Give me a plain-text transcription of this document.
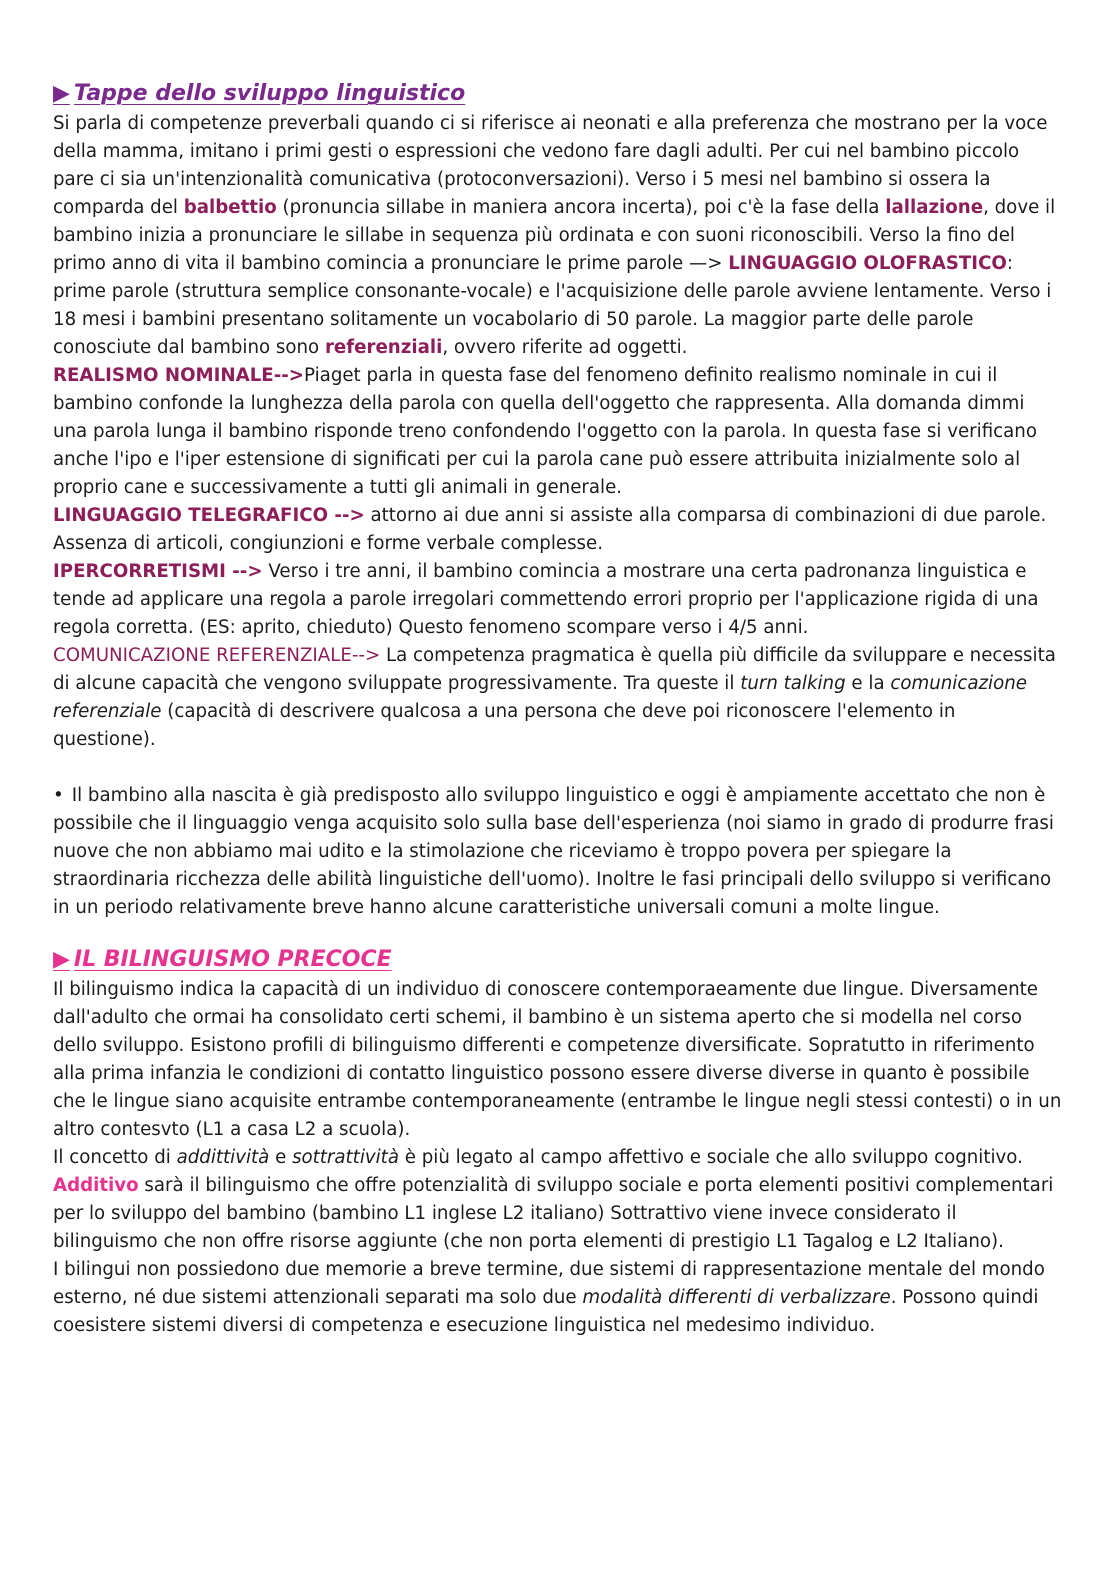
▶ Tappe dello sviluppo linguistico

Si parla di competenze preverbali quando ci si riferisce ai neonati e alla preferenza che mostrano per la voce della mamma, imitano i primi gesti o espressioni che vedono fare dagli adulti. Per cui nel bambino piccolo pare ci sia un'intenzionalità comunicativa (protoconversazioni). Verso i 5 mesi nel bambino si ossera la comparda del balbettio (pronuncia sillabe in maniera ancora incerta), poi c'è la fase della lallazione, dove il bambino inizia a pronunciare le sillabe in sequenza più ordinata e con suoni riconoscibili. Verso la fino del primo anno di vita il bambino comincia a pronunciare le prime parole —> LINGUAGGIO OLOFRASTICO: prime parole (struttura semplice consonante-vocale) e l'acquisizione delle parole avviene lentamente. Verso i 18 mesi i bambini presentano solitamente un vocabolario di 50 parole. La maggior parte delle parole conosciute dal bambino sono referenziali, ovvero riferite ad oggetti.

REALISMO NOMINALE-->Piaget parla in questa fase del fenomeno definito realismo nominale in cui il bambino confonde la lunghezza della parola con quella dell'oggetto che rappresenta. Alla domanda dimmi una parola lunga il bambino risponde treno confondendo l'oggetto con la parola. In questa fase si verificano anche l'ipo e l'iper estensione di significati per cui la parola cane può essere attribuita inizialmente solo al proprio cane e successivamente a tutti gli animali in generale.

LINGUAGGIO TELEGRAFICO --> attorno ai due anni si assiste alla comparsa di combinazioni di due parole. Assenza di articoli, congiunzioni e forme verbale complesse.

IPERCORRETISMI --> Verso i tre anni, il bambino comincia a mostrare una certa padronanza linguistica e tende ad applicare una regola a parole irregolari commettendo errori proprio per l'applicazione rigida di una regola corretta. (ES: aprito, chieduto) Questo fenomeno scompare verso i 4/5 anni.

COMUNICAZIONE REFERENZIALE--> La competenza pragmatica è quella più difficile da sviluppare e necessita di alcune capacità che vengono sviluppate progressivamente. Tra queste il turn talking e la comunicazione referenziale (capacità di descrivere qualcosa a una persona che deve poi riconoscere l'elemento in questione).

• Il bambino alla nascita è già predisposto allo sviluppo linguistico e oggi è ampiamente accettato che non è possibile che il linguaggio venga acquisito solo sulla base dell'esperienza (noi siamo in grado di produrre frasi nuove che non abbiamo mai udito e la stimolazione che riceviamo è troppo povera per spiegare la straordinaria ricchezza delle abilità linguistiche dell'uomo). Inoltre le fasi principali dello sviluppo si verificano in un periodo relativamente breve hanno alcune caratteristiche universali comuni a molte lingue.

▶ IL BILINGUISMO PRECOCE

Il bilinguismo indica la capacità di un individuo di conoscere contemporaeamente due lingue. Diversamente dall'adulto che ormai ha consolidato certi schemi, il bambino è un sistema aperto che si modella nel corso dello sviluppo. Esistono profili di bilinguismo differenti e competenze diversificate. Sopratutto in riferimento alla prima infanzia le condizioni di contatto linguistico possono essere diverse diverse in quanto è possibile che le lingue siano acquisite entrambe contemporaneamente (entrambe le lingue negli stessi contesti) o in un altro contesvto (L1 a casa L2 a scuola).

Il concetto di addittività e sottrattività è più legato al campo affettivo e sociale che allo sviluppo cognitivo.

Additivo sarà il bilinguismo che offre potenzialità di sviluppo sociale e porta elementi positivi complementari per lo sviluppo del bambino (bambino L1 inglese L2 italiano) Sottrattivo viene invece considerato il bilinguismo che non offre risorse aggiunte (che non porta elementi di prestigio L1 Tagalog e L2 Italiano).

I bilingui non possiedono due memorie a breve termine, due sistemi di rappresentazione mentale del mondo esterno, né due sistemi attenzionali separati ma solo due modalità differenti di verbalizzare. Possono quindi coesistere sistemi diversi di competenza e esecuzione linguistica nel medesimo individuo.
